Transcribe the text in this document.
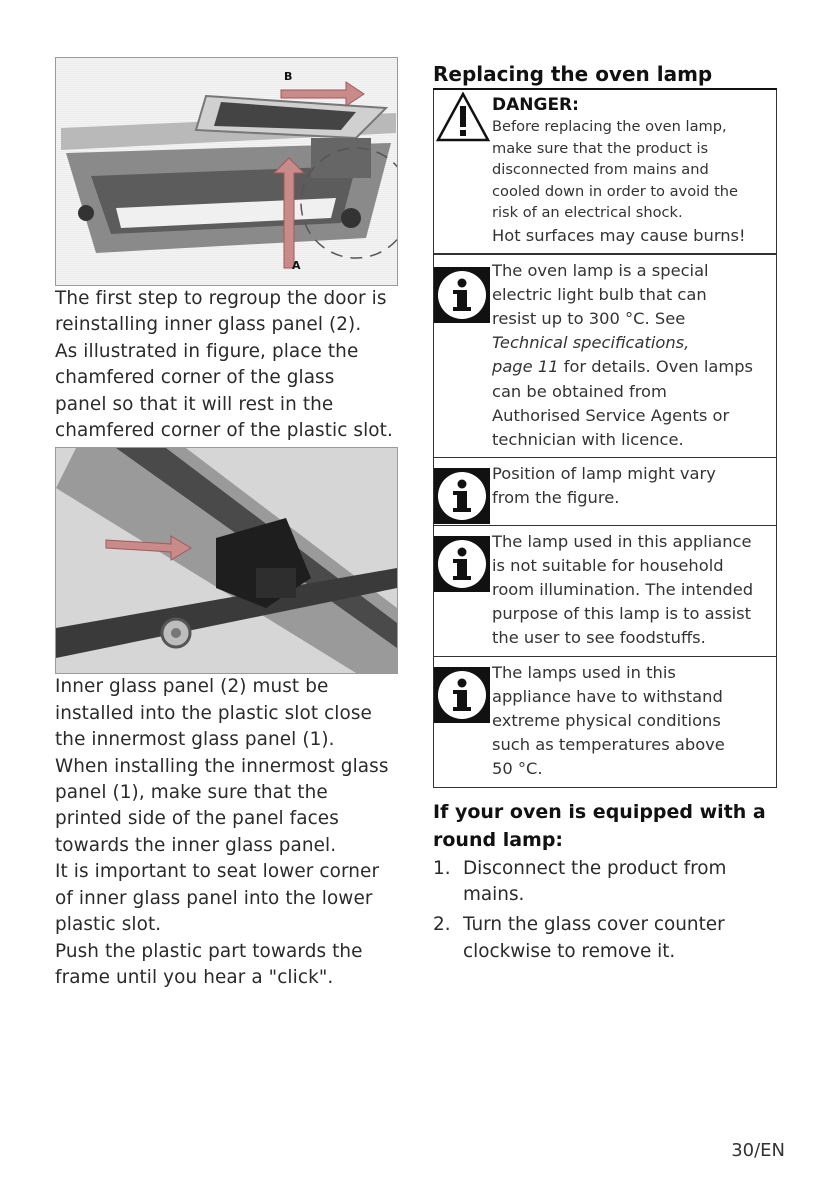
B
A

The first step to regroup the door is

reinstalling inner glass panel (2).

As illustrated in figure, place the

chamfered corner of the glass

panel so that it will rest in the

chamfered corner of the plastic slot.

Inner glass panel (2) must be

installed into the plastic slot close

the innermost glass panel (1).

When installing the innermost glass

panel (1), make sure that the

printed side of the panel faces

towards the inner glass panel.

It is important to seat lower corner

of inner glass panel into the lower

plastic slot.

Push the plastic part towards the

frame until you hear a "click".

Replacing the oven lamp
DANGER:
Before replacing the oven lamp,
make sure that the product is
disconnected from mains and
cooled down in order to avoid the
risk of an electrical shock.
Hot surfaces may cause burns!
The oven lamp is a special
electric light bulb that can
resist up to 300 °C. See
Technical specifications,
page 11 for details. Oven lamps
can be obtained from
Authorised Service Agents or
technician with licence.
Position of lamp might vary
from the figure.
The lamp used in this appliance
is not suitable for household
room illumination. The intended
purpose of this lamp is to assist
the user to see foodstuffs.
The lamps used in this
appliance have to withstand
extreme physical conditions
such as temperatures above
50 °C.
If your oven is equipped with a
round lamp:
1. Disconnect the product from
mains.
2. Turn the glass cover counter
clockwise to remove it.
30/EN
